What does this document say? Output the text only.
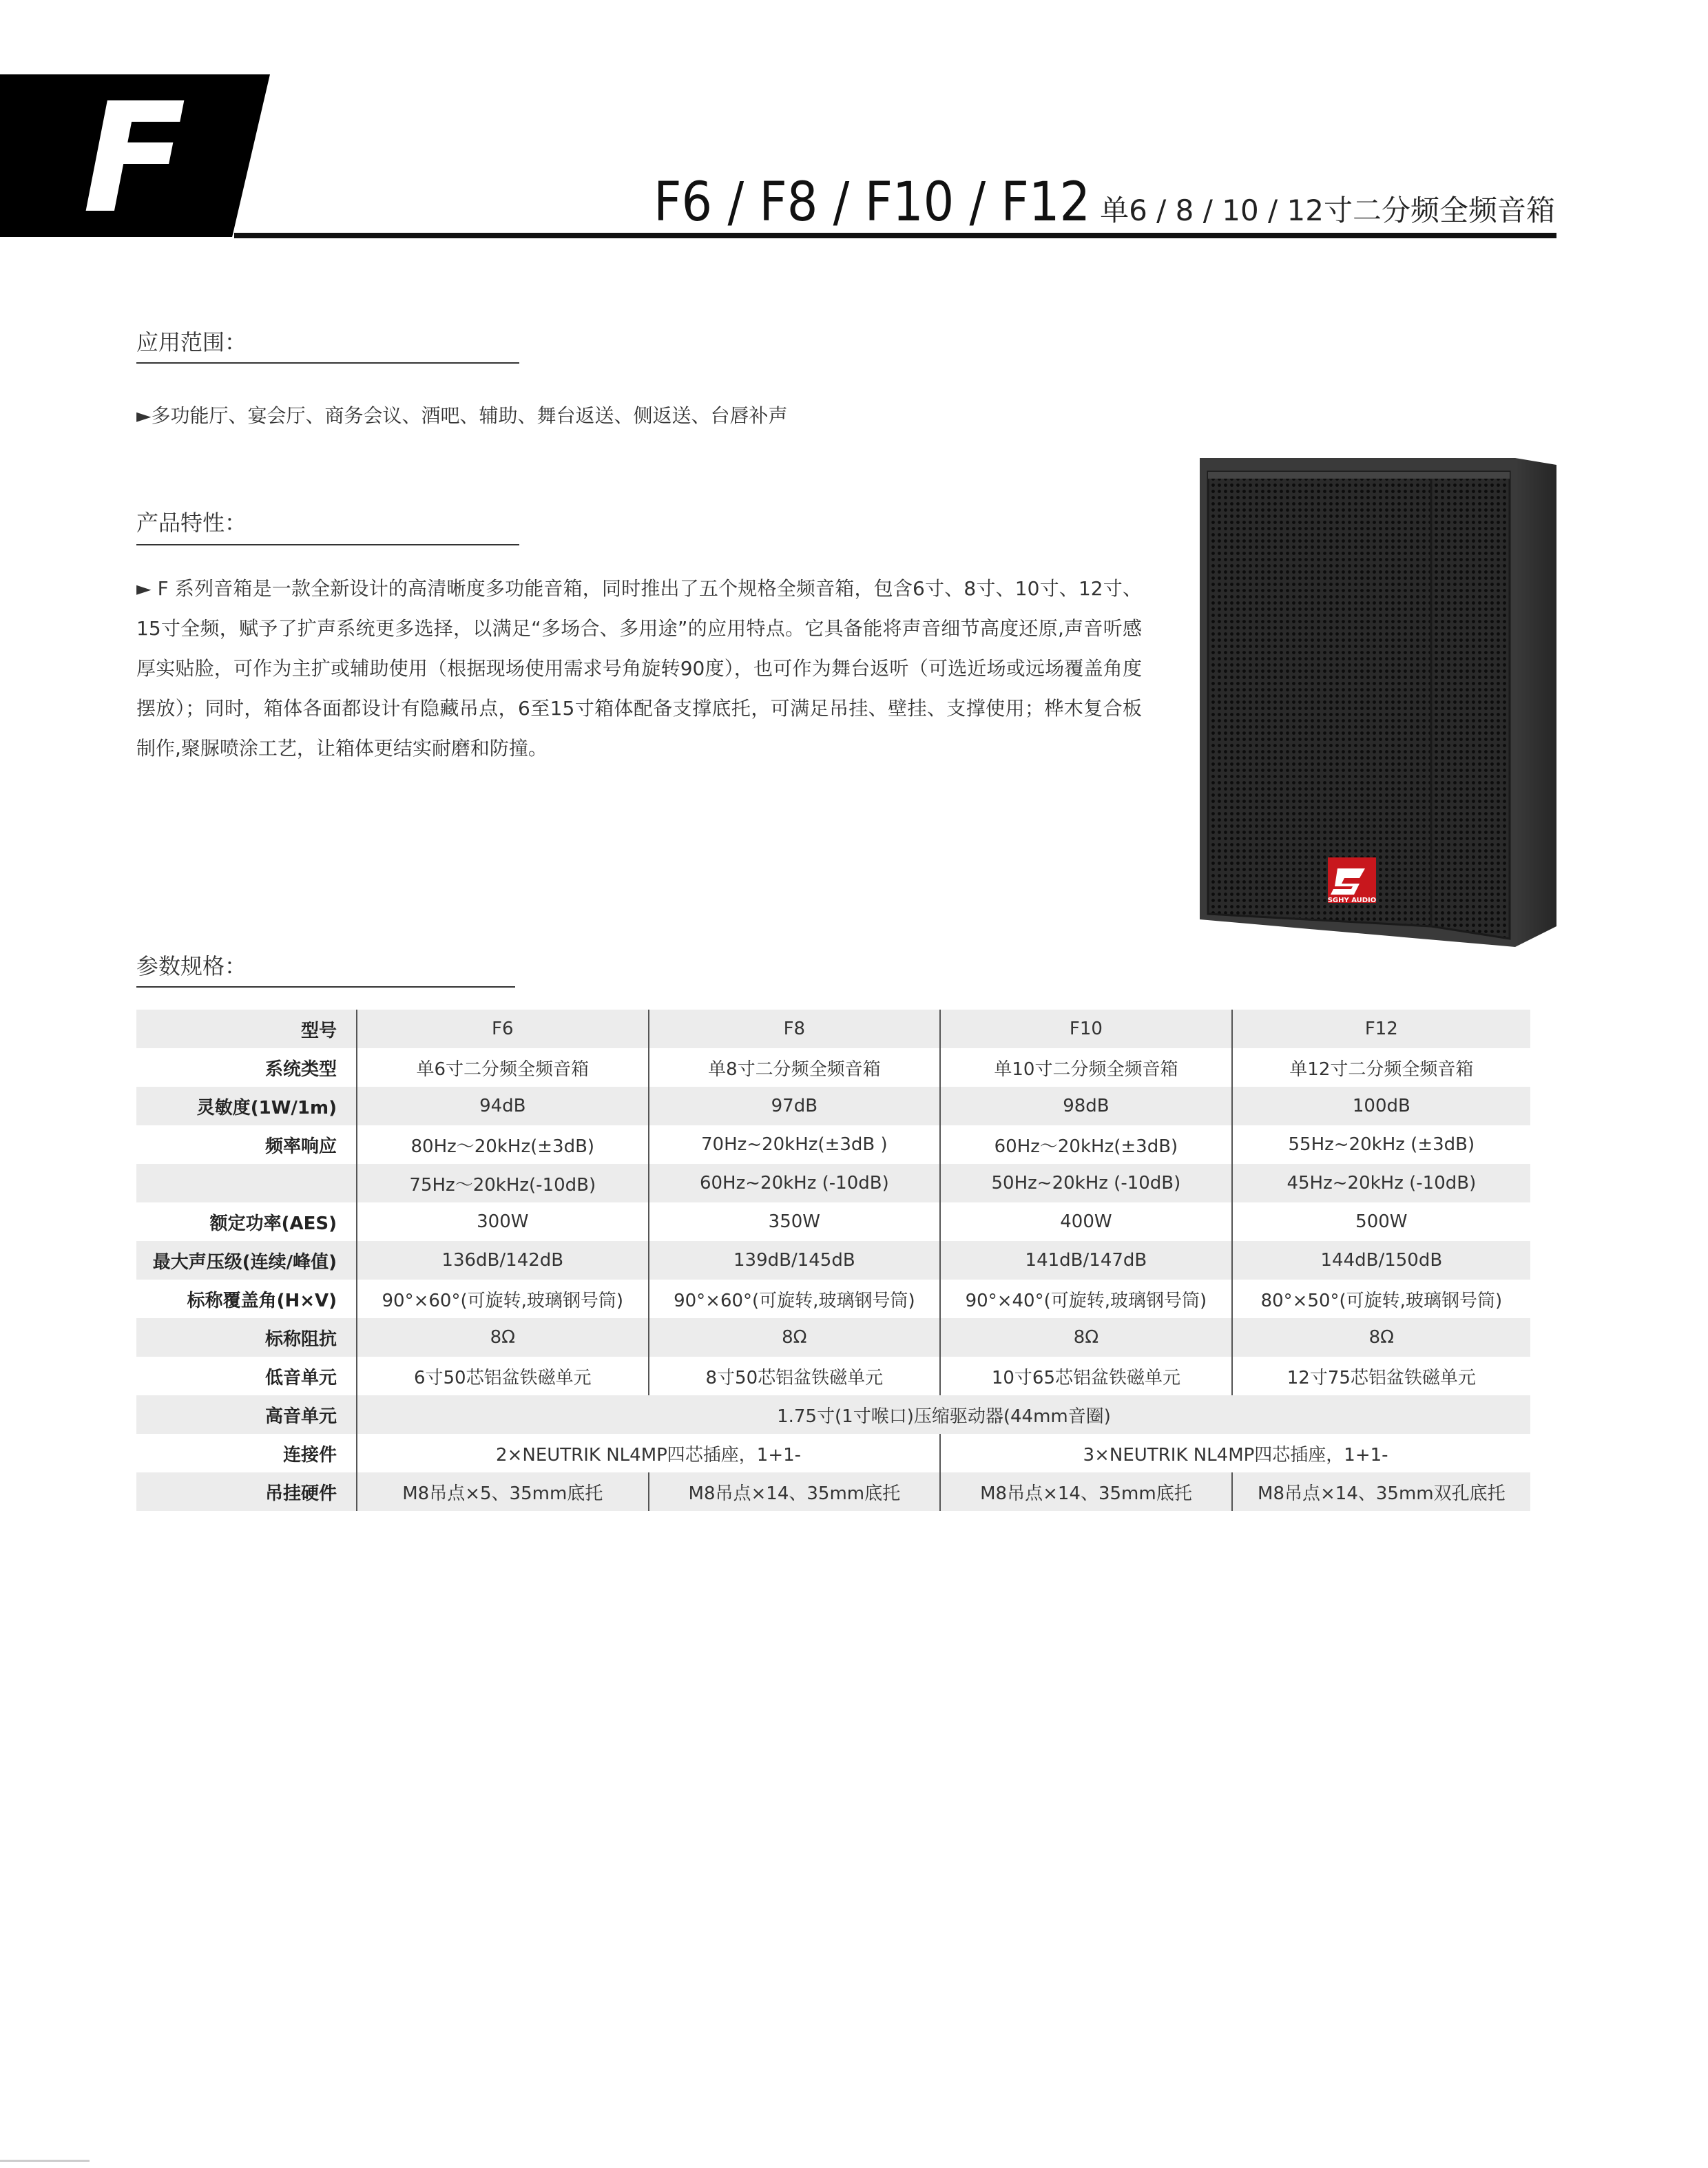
F	F6 / F8 / F10 / F12 单6 / 8 / 10 / 12寸二分频全频音箱
应用范围：
►多功能厅、宴会厅、商务会议、酒吧、辅助、舞台返送、侧返送、台唇补声
产品特性：
► F 系列音箱是一款全新设计的高清晰度多功能音箱，同时推出了五个规格全频音箱，包含6寸、8寸、10寸、12寸、15寸全频，赋予了扩声系统更多选择，以满足“多场合、多用途”的应用特点。它具备能将声音细节高度还原,声音听感厚实贴脸，可作为主扩或辅助使用（根据现场使用需求号角旋转90度），也可作为舞台返听（可选近场或远场覆盖角度摆放）；同时，箱体各面都设计有隐藏吊点，6至15寸箱体配备支撑底托，可满足吊挂、壁挂、支撑使用；桦木复合板制作,聚脲喷涂工艺，让箱体更结实耐磨和防撞。
SGHY AUDIO
参数规格：
型号	F6	F8	F10	F12
系统类型	单6寸二分频全频音箱	单8寸二分频全频音箱	单10寸二分频全频音箱	单12寸二分频全频音箱
灵敏度(1W/1m)	94dB	97dB	98dB	100dB
频率响应	80Hz～20kHz(±3dB)	70Hz~20kHz(±3dB )	60Hz～20kHz(±3dB)	55Hz~20kHz (±3dB)
	75Hz～20kHz(-10dB)	60Hz~20kHz (-10dB)	50Hz~20kHz (-10dB)	45Hz~20kHz (-10dB)
额定功率(AES)	300W	350W	400W	500W
最大声压级(连续/峰值)	136dB/142dB	139dB/145dB	141dB/147dB	144dB/150dB
标称覆盖角(H×V)	90°×60°(可旋转,玻璃钢号筒)	90°×60°(可旋转,玻璃钢号筒)	90°×40°(可旋转,玻璃钢号筒)	80°×50°(可旋转,玻璃钢号筒)
标称阻抗	8Ω	8Ω	8Ω	8Ω
低音单元	6寸50芯铝盆铁磁单元	8寸50芯铝盆铁磁单元	10寸65芯铝盆铁磁单元	12寸75芯铝盆铁磁单元
高音单元	1.75寸(1寸喉口)压缩驱动器(44mm音圈)			
连接件	2×NEUTRIK NL4MP四芯插座，1+1-		3×NEUTRIK NL4MP四芯插座，1+1-	
吊挂硬件	M8吊点×5、35mm底托	M8吊点×14、35mm底托	M8吊点×14、35mm底托	M8吊点×14、35mm双孔底托
